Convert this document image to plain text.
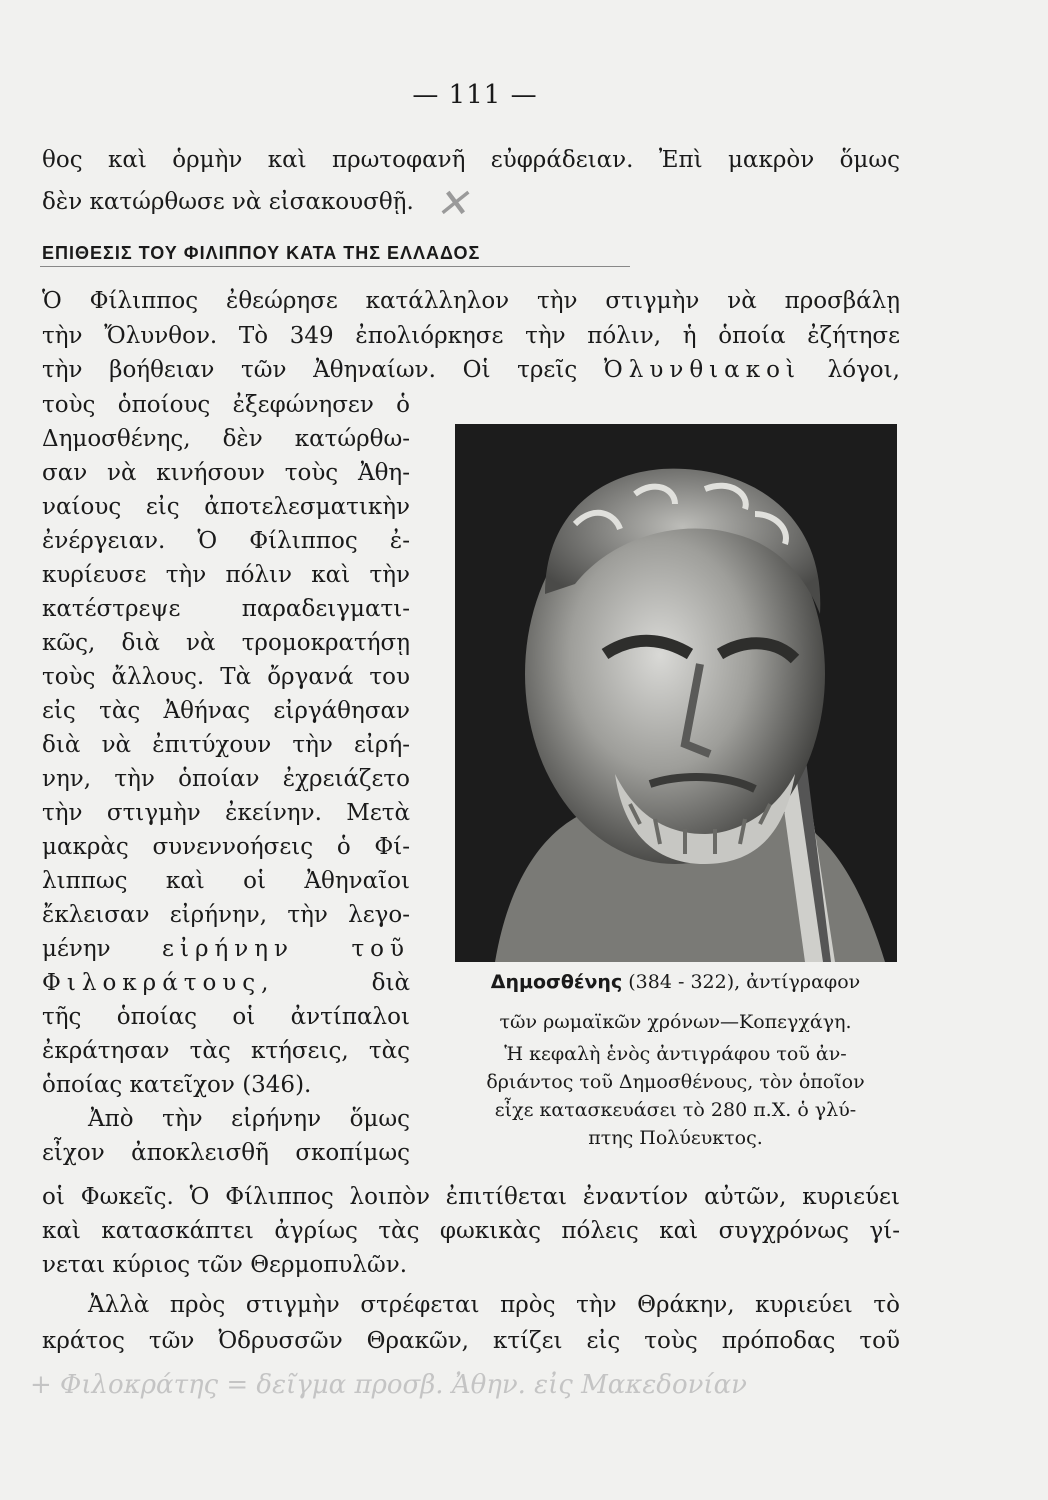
— 111 —
θος καὶ ὁρμὴν καὶ πρωτοφανῆ εὐφράδειαν. Ἐπὶ μακρὸν ὅμως
δὲν κατώρθωσε νὰ εἰσακουσθῇ. ✕
ΕΠΙΘΕΣΙΣ ΤΟΥ ΦΙΛΙΠΠΟΥ ΚΑΤΑ ΤΗΣ ΕΛΛΑΔΟΣ
Ὁ Φίλιππος ἐθεώρησε κατάλληλον τὴν στιγμὴν νὰ προσβάλῃ
τὴν Ὄλυνθον. Τὸ 349 ἐπολιόρκησε τὴν πόλιν, ἡ ὁποία ἐζήτησε
τὴν βοήθειαν τῶν Ἀθηναίων. Οἱ τρεῖς Ὀλυνθιακοὶ λόγοι,
τοὺς ὁποίους ἐξεφώνησεν ὁ
Δημοσθένης, δὲν κατώρθω-
σαν νὰ κινήσουν τοὺς Ἀθη-
ναίους εἰς ἀποτελεσματικὴν
ἐνέργειαν. Ὁ Φίλιππος ἐ-
κυρίευσε τὴν πόλιν καὶ τὴν
κατέστρεψε παραδειγματι-
κῶς, διὰ νὰ τρομοκρατήσῃ
τοὺς ἄλλους. Τὰ ὄργανά του
εἰς τὰς Ἀθήνας εἰργάθησαν
διὰ νὰ ἐπιτύχουν τὴν εἰρή-
νην, τὴν ὁποίαν ἐχρειάζετο
τὴν στιγμὴν ἐκείνην. Μετὰ
μακρὰς συνεννοήσεις ὁ Φί-
λιππως καὶ οἱ Ἀθηναῖοι
ἔκλεισαν εἰρήνην, τὴν λεγο-
μένην εἰρήνην τοῦ
Φιλοκράτους,	διὰ
τῆς ὁποίας οἱ ἀντίπαλοι
ἐκράτησαν τὰς κτήσεις, τὰς
ὁποίας κατεῖχον (346).
Ἀπὸ τὴν εἰρήνην ὅμως
εἶχον ἀποκλεισθῆ σκοπίμως
Δημοσθένης (384 - 322), ἀντίγραφον
τῶν ρωμαϊκῶν χρόνων—Κοπεγχάγη.
Ἡ κεφαλὴ ἑνὸς ἀντιγράφου τοῦ ἀν-
δριάντος τοῦ Δημοσθένους, τὸν ὁποῖον
εἶχε κατασκευάσει τὸ 280 π.Χ. ὁ γλύ-
πτης Πολύευκτος.
οἱ Φωκεῖς. Ὁ Φίλιππος λοιπὸν ἐπιτίθεται ἐναντίον αὐτῶν, κυριεύει
καὶ κατασκάπτει ἀγρίως τὰς φωκικὰς πόλεις καὶ συγχρόνως γί-
νεται κύριος τῶν Θερμοπυλῶν.
Ἀλλὰ πρὸς στιγμὴν στρέφεται πρὸς τὴν Θράκην, κυριεύει τὸ
κράτος τῶν Ὀδρυσσῶν Θρακῶν, κτίζει εἰς τοὺς πρόποδας τοῦ
+ Φιλοκράτης = δεῖγμα προσβ. Ἀθην. εἰς Μακεδονίαν
